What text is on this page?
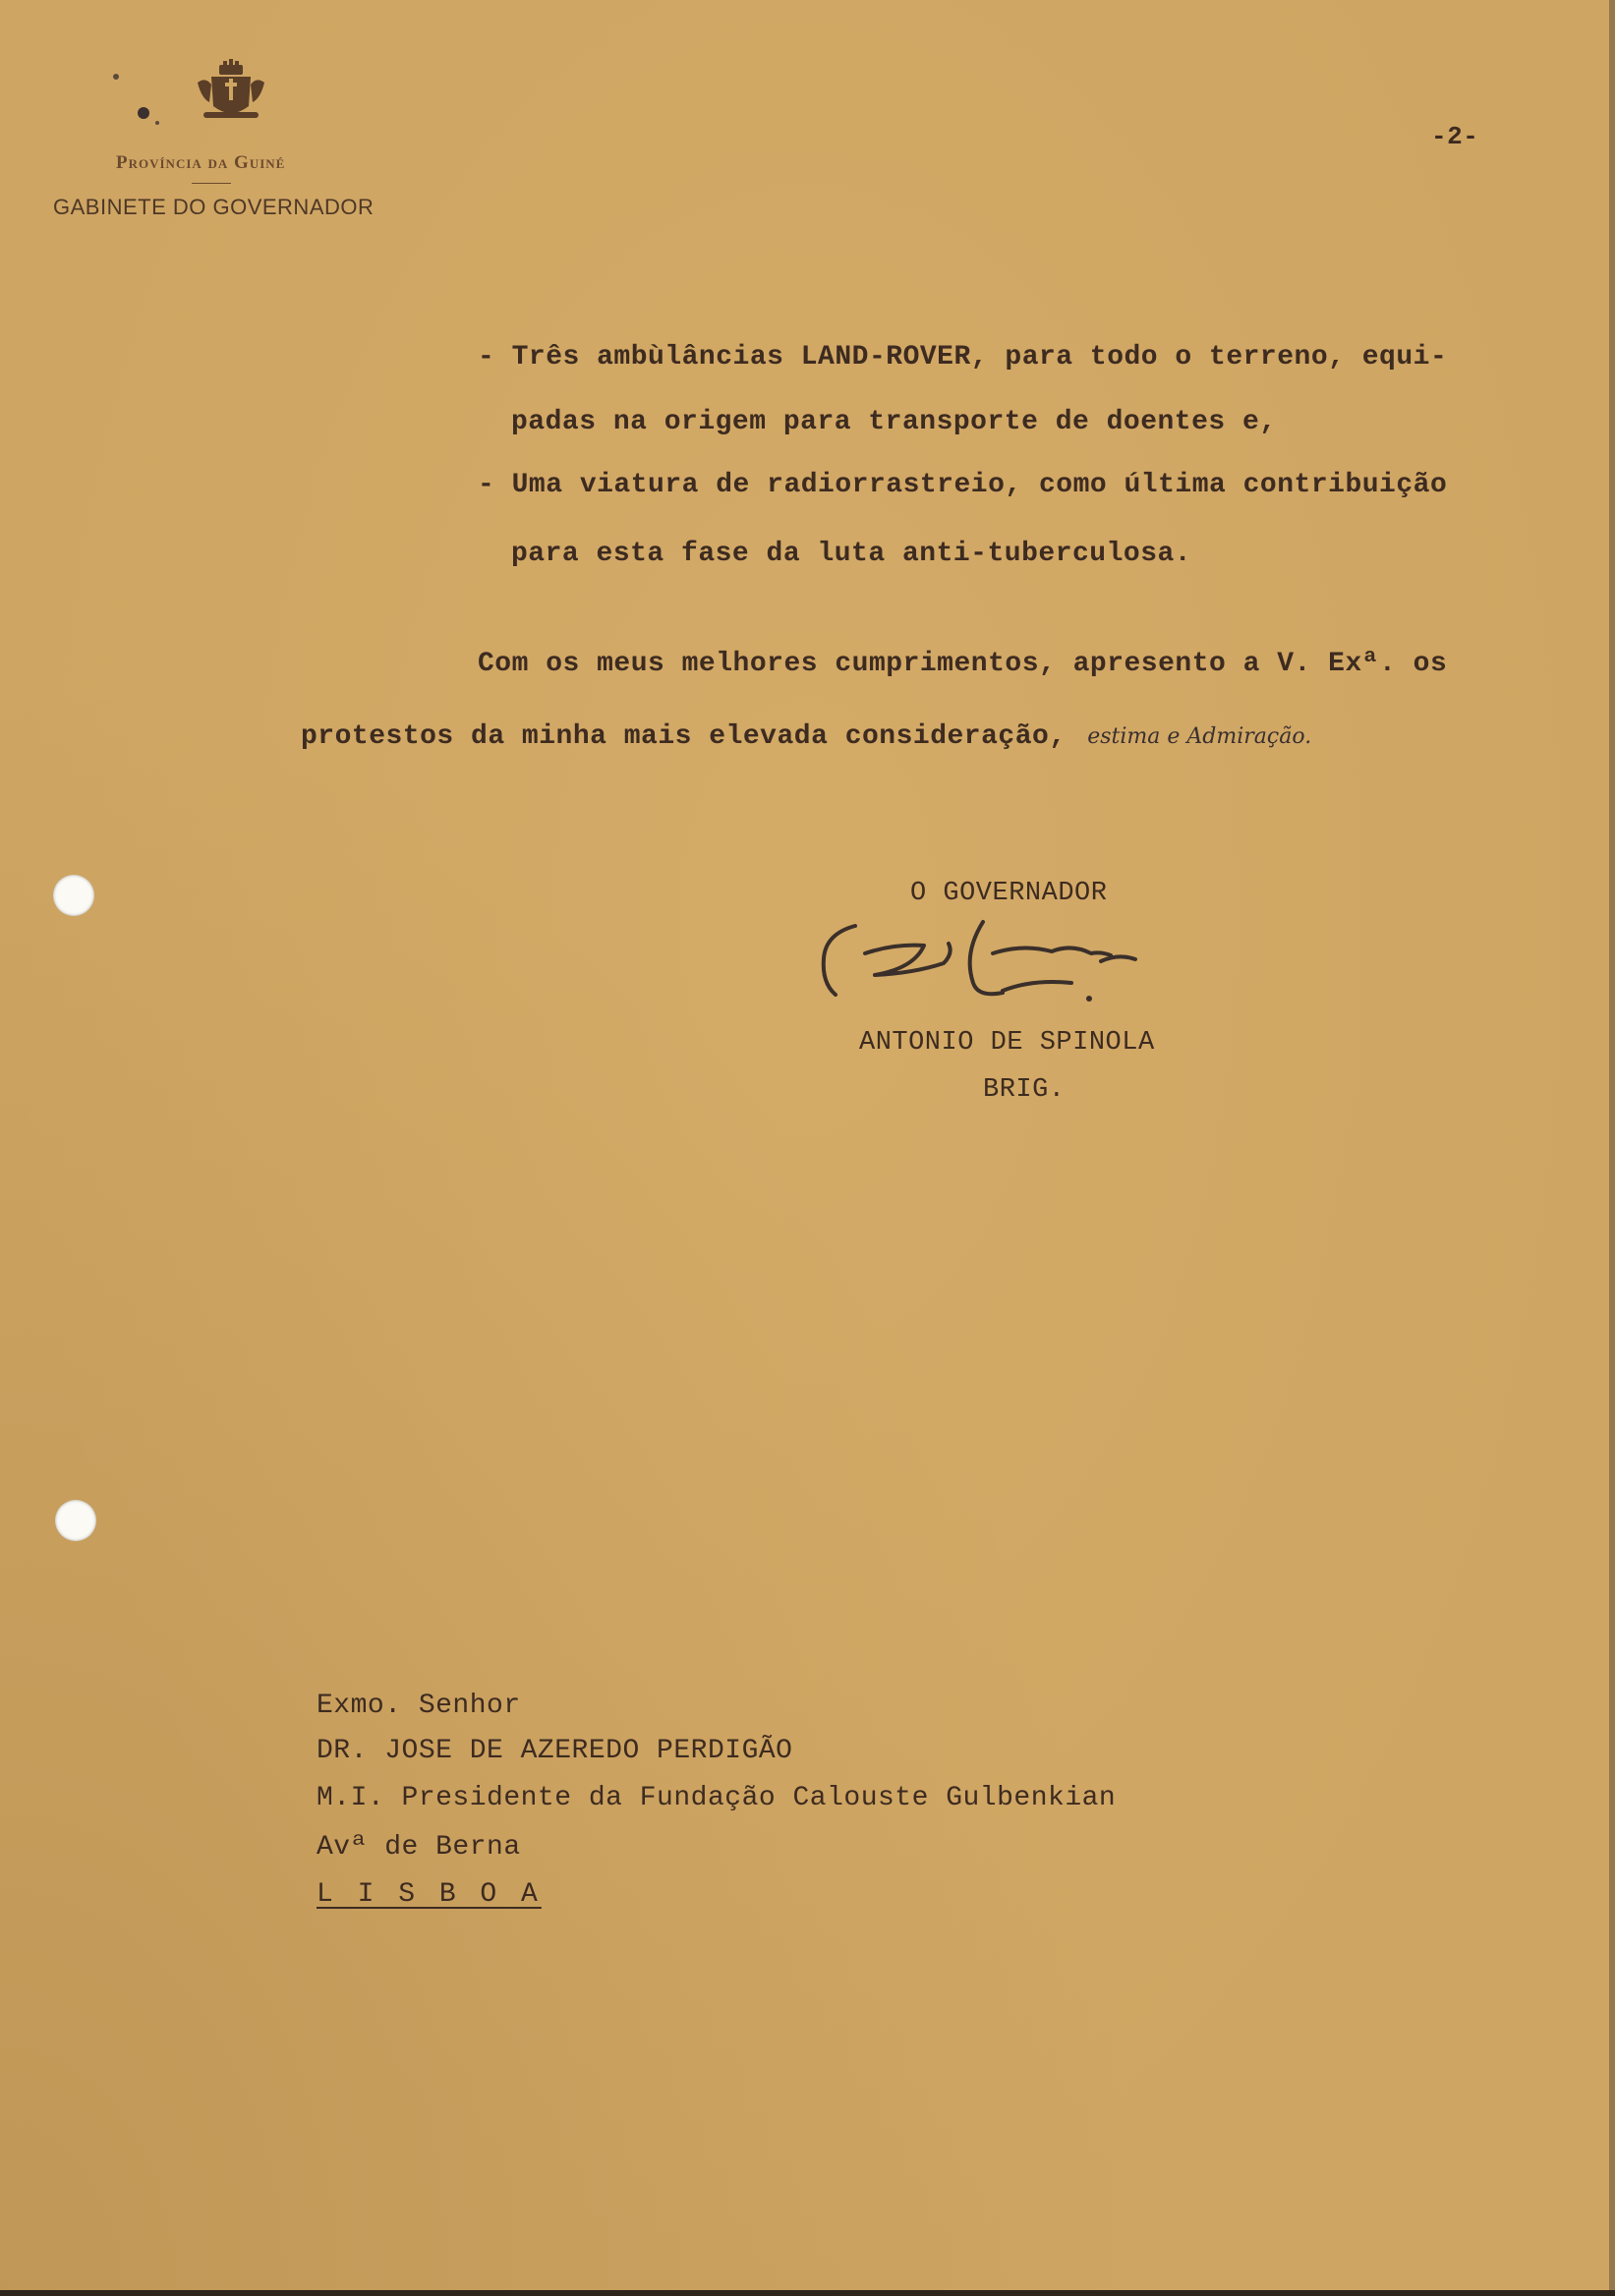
Província da Guiné
GABINETE DO GOVERNADOR
-2-
- Três ambùlâncias LAND-ROVER, para todo o terreno, equi-
padas na origem para transporte de doentes e,
- Uma viatura de radiorrastreio, como última contribuição
para esta fase da luta anti-tuberculosa.
Com os meus melhores cumprimentos, apresento a V. Exª. os
protestos da minha mais elevada consideração, estima e Admiração.
O GOVERNADOR
ANTONIO DE SPINOLA
BRIG.
Exmo. Senhor
DR. JOSE DE AZEREDO PERDIGÃO
M.I. Presidente da Fundação Calouste Gulbenkian
Avª de Berna
L I S B O A
